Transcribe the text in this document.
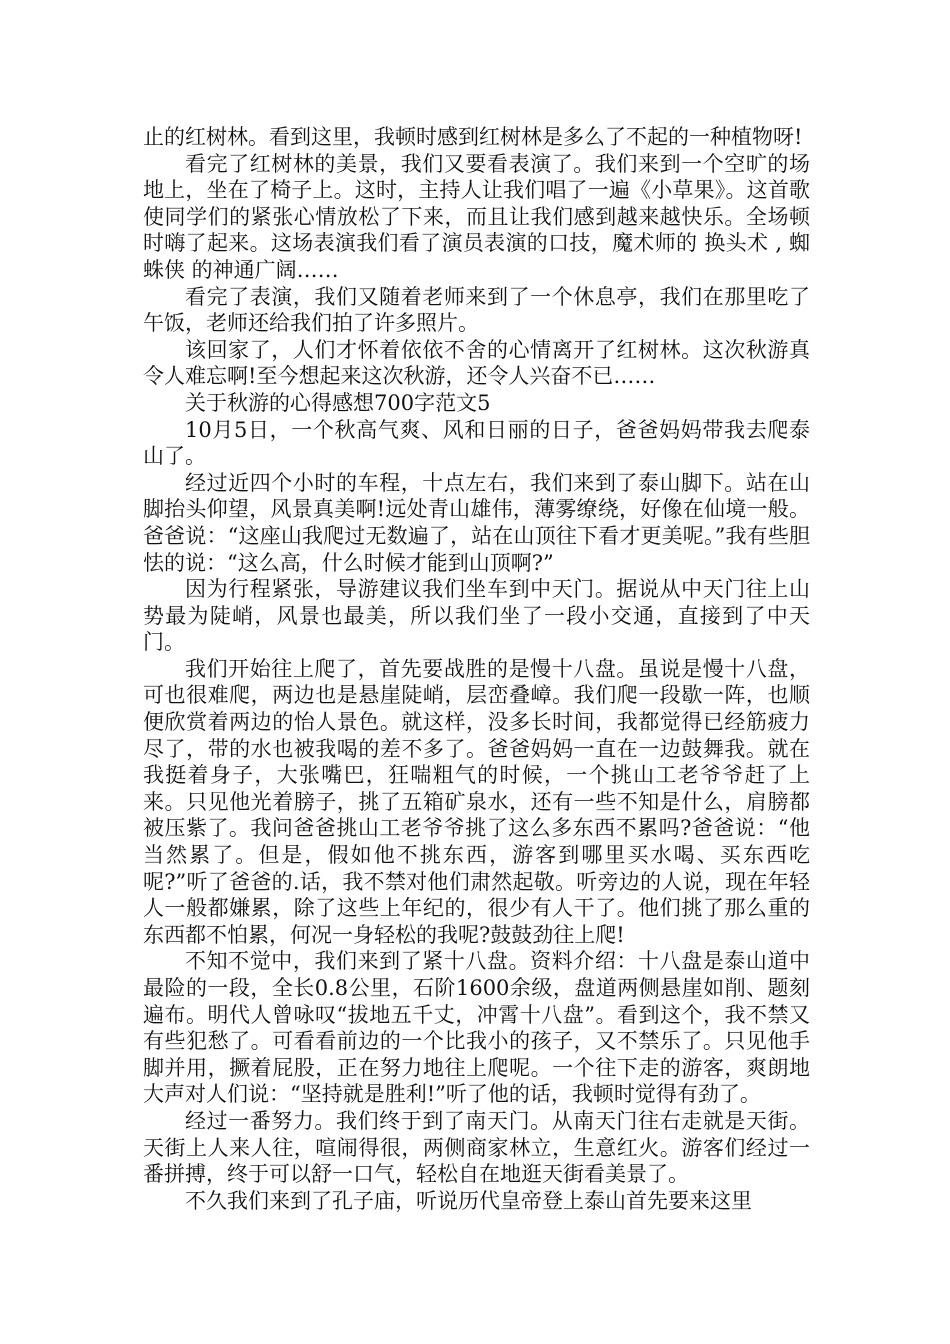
止的红树林。看到这里，我顿时感到红树林是多么了不起的一种植物呀!

看完了红树林的美景，我们又要看表演了。我们来到一个空旷的场地上，坐在了椅子上。这时，主持人让我们唱了一遍《小草果》。这首歌使同学们的紧张心情放松了下来，而且让我们感到越来越快乐。全场顿时嗨了起来。这场表演我们看了演员表演的口技，魔术师的 换头术 , 蜘蛛侠 的神通广阔……

看完了表演，我们又随着老师来到了一个休息亭，我们在那里吃了午饭，老师还给我们拍了许多照片。

该回家了，人们才怀着依依不舍的心情离开了红树林。这次秋游真令人难忘啊!至今想起来这次秋游，还令人兴奋不已……

关于秋游的心得感想700字范文5

10月5日，一个秋高气爽、风和日丽的日子，爸爸妈妈带我去爬泰山了。

经过近四个小时的车程，十点左右，我们来到了泰山脚下。站在山脚抬头仰望，风景真美啊!远处青山雄伟，薄雾缭绕，好像在仙境一般。爸爸说：“这座山我爬过无数遍了，站在山顶往下看才更美呢。”我有些胆怯的说：“这么高，什么时候才能到山顶啊?”

因为行程紧张，导游建议我们坐车到中天门。据说从中天门往上山势最为陡峭，风景也最美，所以我们坐了一段小交通，直接到了中天门。

我们开始往上爬了，首先要战胜的是慢十八盘。虽说是慢十八盘，可也很难爬，两边也是悬崖陡峭，层峦叠嶂。我们爬一段歇一阵，也顺便欣赏着两边的怡人景色。就这样，没多长时间，我都觉得已经筋疲力尽了，带的水也被我喝的差不多了。爸爸妈妈一直在一边鼓舞我。就在我挺着身子，大张嘴巴，狂喘粗气的时候，一个挑山工老爷爷赶了上来。只见他光着膀子，挑了五箱矿泉水，还有一些不知是什么，肩膀都被压紫了。我问爸爸挑山工老爷爷挑了这么多东西不累吗?爸爸说：“他当然累了。但是，假如他不挑东西，游客到哪里买水喝、买东西吃呢?”听了爸爸的.话，我不禁对他们肃然起敬。听旁边的人说，现在年轻人一般都嫌累，除了这些上年纪的，很少有人干了。他们挑了那么重的东西都不怕累，何况一身轻松的我呢?鼓鼓劲往上爬!

不知不觉中，我们来到了紧十八盘。资料介绍：十八盘是泰山道中最险的一段，全长0.8公里，石阶1600余级，盘道两侧悬崖如削、题刻遍布。明代人曾咏叹“拔地五千丈，冲霄十八盘”。看到这个，我不禁又有些犯愁了。可看看前边的一个比我小的孩子，又不禁乐了。只见他手脚并用，撅着屁股，正在努力地往上爬呢。一个往下走的游客，爽朗地大声对人们说：“坚持就是胜利!”听了他的话，我顿时觉得有劲了。

经过一番努力。我们终于到了南天门。从南天门往右走就是天街。天街上人来人往，喧闹得很，两侧商家林立，生意红火。游客们经过一番拼搏，终于可以舒一口气，轻松自在地逛天街看美景了。

不久我们来到了孔子庙，听说历代皇帝登上泰山首先要来这里
